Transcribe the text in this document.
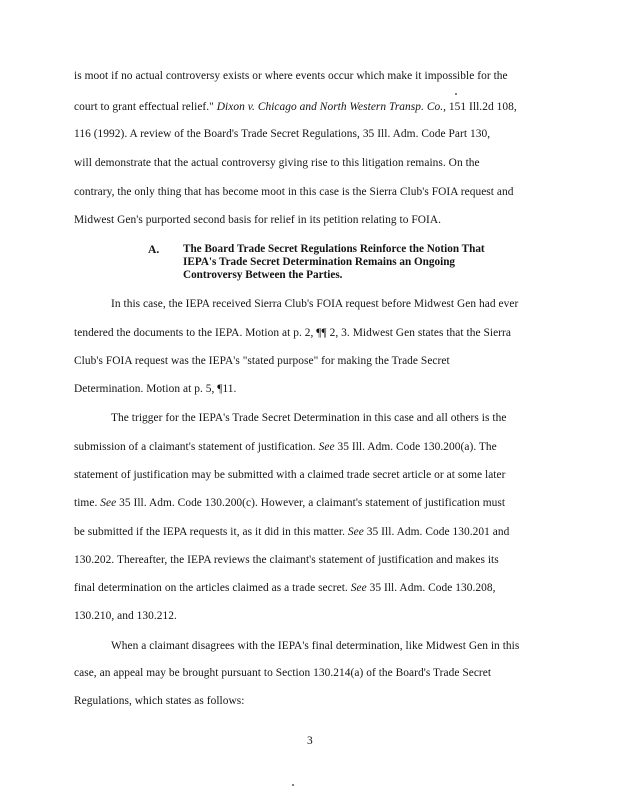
is moot if no actual controversy exists or where events occur which make it impossible for the
court to grant effectual relief." Dixon v. Chicago and North Western Transp. Co., 151 Ill.2d 108,
116 (1992). A review of the Board's Trade Secret Regulations, 35 Ill. Adm. Code Part 130,
will demonstrate that the actual controversy giving rise to this litigation remains. On the
contrary, the only thing that has become moot in this case is the Sierra Club's FOIA request and
Midwest Gen's purported second basis for relief in its petition relating to FOIA.
A. The Board Trade Secret Regulations Reinforce the Notion That
IEPA's Trade Secret Determination Remains an Ongoing
Controversy Between the Parties.
In this case, the IEPA received Sierra Club's FOIA request before Midwest Gen had ever
tendered the documents to the IEPA. Motion at p. 2, ¶¶ 2, 3. Midwest Gen states that the Sierra
Club's FOIA request was the IEPA's "stated purpose" for making the Trade Secret
Determination. Motion at p. 5, ¶11.
The trigger for the IEPA's Trade Secret Determination in this case and all others is the
submission of a claimant's statement of justification. See 35 Ill. Adm. Code 130.200(a). The
statement of justification may be submitted with a claimed trade secret article or at some later
time. See 35 Ill. Adm. Code 130.200(c). However, a claimant's statement of justification must
be submitted if the IEPA requests it, as it did in this matter. See 35 Ill. Adm. Code 130.201 and
130.202. Thereafter, the IEPA reviews the claimant's statement of justification and makes its
final determination on the articles claimed as a trade secret. See 35 Ill. Adm. Code 130.208,
130.210, and 130.212.
When a claimant disagrees with the IEPA's final determination, like Midwest Gen in this
case, an appeal may be brought pursuant to Section 130.214(a) of the Board's Trade Secret
Regulations, which states as follows:
3
